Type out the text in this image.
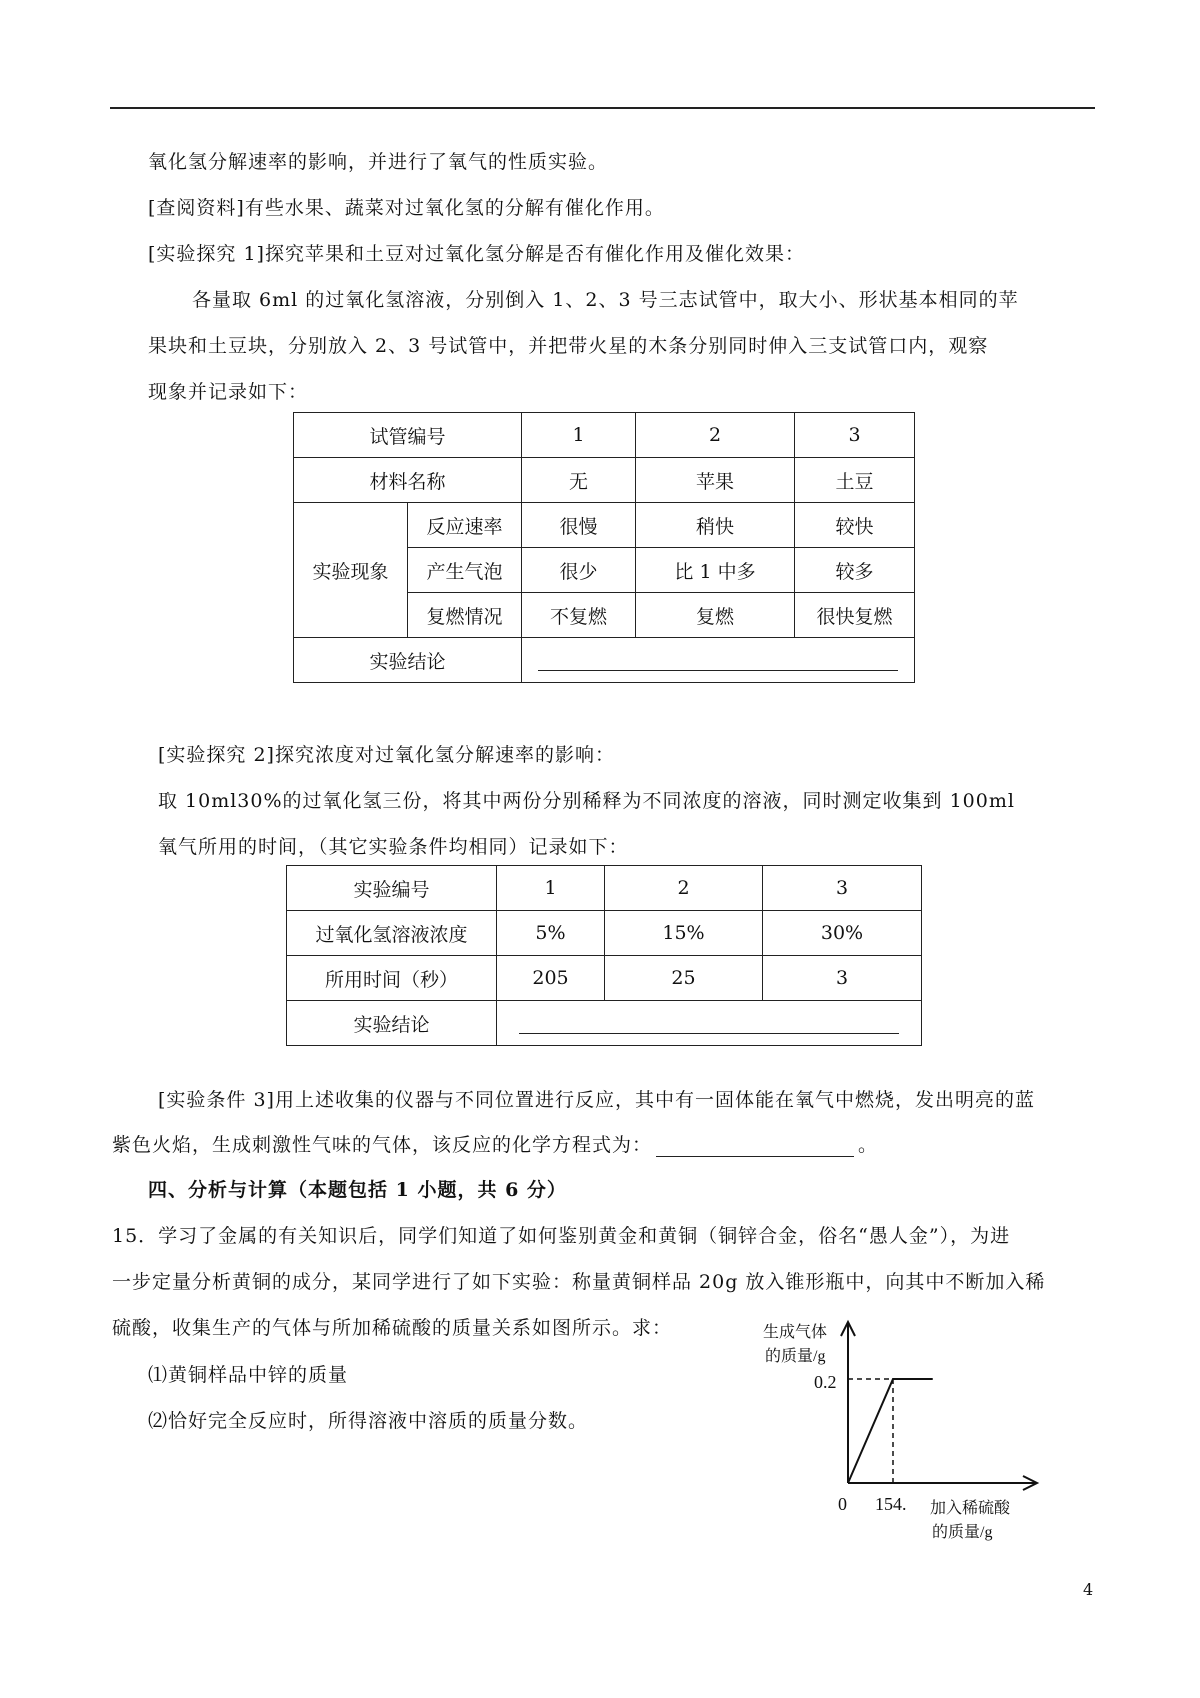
氧化氢分解速率的影响，并进行了氧气的性质实验。
[查阅资料]有些水果、蔬菜对过氧化氢的分解有催化作用。
[实验探究 1]探究苹果和土豆对过氧化氢分解是否有催化作用及催化效果：
各量取 6ml 的过氧化氢溶液，分别倒入 1、2、3 号三志试管中，取大小、形状基本相同的苹
果块和土豆块，分别放入 2、3 号试管中，并把带火星的木条分别同时伸入三支试管口内，观察
现象并记录如下：
试管编号		1	2	3
材料名称		无	苹果	土豆
实验现象	反应速率	很慢	稍快	较快
	产生气泡	很少	比 1 中多	较多
	复燃情况	不复燃	复燃	很快复燃
实验结论				
[实验探究 2]探究浓度对过氧化氢分解速率的影响：
取 10ml30%的过氧化氢三份，将其中两份分别稀释为不同浓度的溶液，同时测定收集到 100ml
氧气所用的时间，（其它实验条件均相同）记录如下：
实验编号	1	2	3
过氧化氢溶液浓度	5%	15%	30%
所用时间（秒）	205	25	3
实验结论			
[实验条件 3]用上述收集的仪器与不同位置进行反应，其中有一固体能在氧气中燃烧，发出明亮的蓝
紫色火焰，生成刺激性气味的气体，该反应的化学方程式为：	。
四、分析与计算（本题包括 1 小题，共 6 分）
15．学习了金属的有关知识后，同学们知道了如何鉴别黄金和黄铜（铜锌合金，俗名“愚人金”），为进
一步定量分析黄铜的成分，某同学进行了如下实验：称量黄铜样品 20g 放入锥形瓶中，向其中不断加入稀
硫酸，收集生产的气体与所加稀硫酸的质量关系如图所示。求：
⑴黄铜样品中锌的质量
⑵恰好完全反应时，所得溶液中溶质的质量分数。
生成气体
的质量/g
0
0.2
154. 加入稀硫酸
的质量/g
4
